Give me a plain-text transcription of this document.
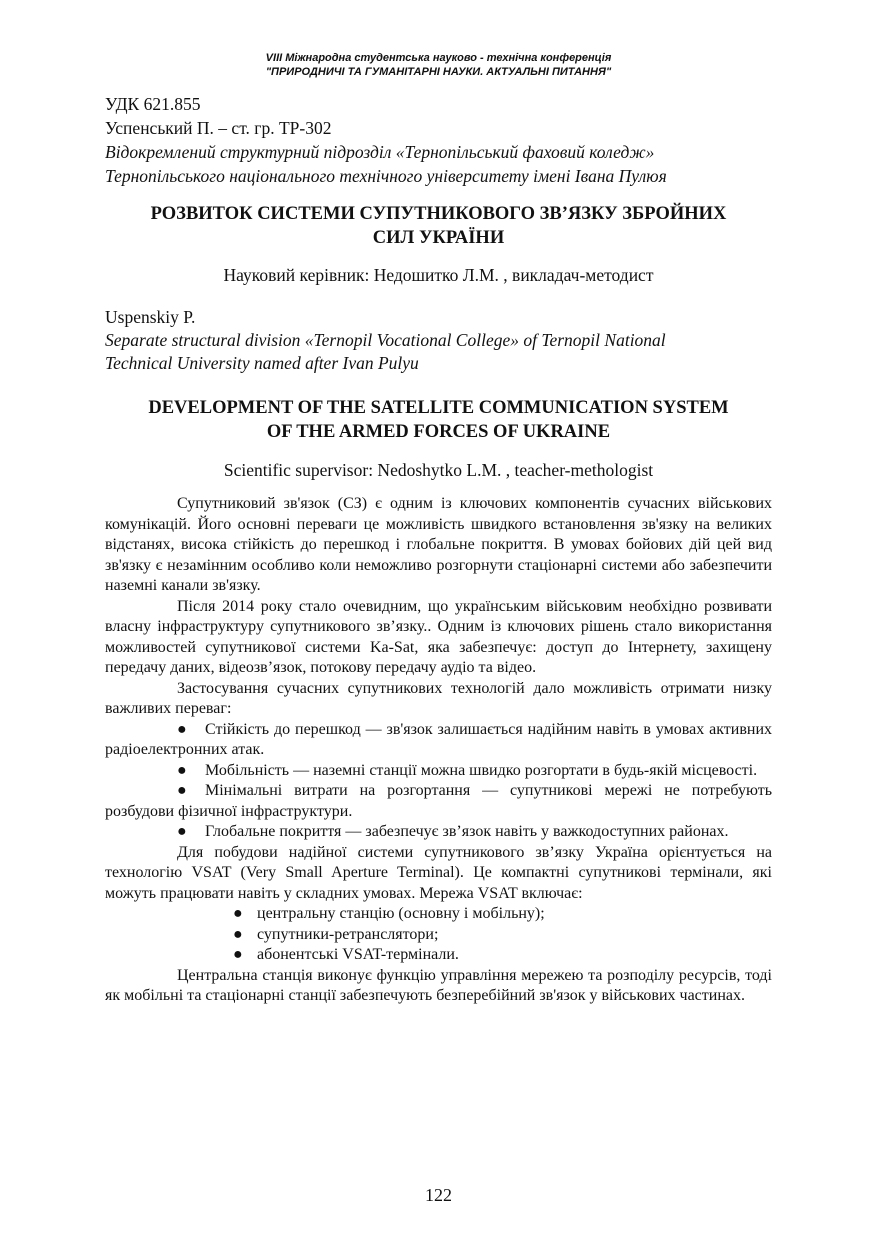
VIII Міжнародна студентська науково - технічна конференція
"ПРИРОДНИЧІ ТА ГУМАНІТАРНІ НАУКИ. АКТУАЛЬНІ ПИТАННЯ"
УДК 621.855
Успенський П. – ст. гр. ТР-302
Відокремлений структурний підрозділ «Тернопільський фаховий коледж»
Тернопільського національного технічного університету імені Івана Пулюя
РОЗВИТОК СИСТЕМИ СУПУТНИКОВОГО ЗВ’ЯЗКУ ЗБРОЙНИХ
СИЛ УКРАЇНИ
Науковий керівник: Недошитко Л.М. , викладач-методист
Uspenskiy P.
Separate structural division «Ternopil Vocational College» of Ternopil National
Technical University named after Ivan Pulyu
DEVELOPMENT OF THE SATELLITE COMMUNICATION SYSTEM
OF THE ARMED FORCES OF UKRAINE
Scientific supervisor: Nedoshytko L.M. , teacher-methologist

Супутниковий зв'язок (СЗ) є одним із ключових компонентів сучасних військових комунікацій. Його основні переваги це можливість швидкого встановлення зв'язку на великих відстанях, висока стійкість до перешкод і глобальне покриття. В умовах бойових дій цей вид зв'язку є незамінним особливо коли неможливо розгорнути стаціонарні системи або забезпечити наземні канали зв'язку.

Після 2014 року стало очевидним, що українським військовим необхідно розвивати власну інфраструктуру супутникового зв’язку.. Одним із ключових рішень стало використання можливостей супутникової системи Ka-Sat, яка забезпечує: доступ до Інтернету, захищену передачу даних, відеозв’язок, потокову передачу аудіо та відео.

Застосування сучасних супутникових технологій дало можливість отримати низку важливих переваг:

● Стійкість до перешкод — зв'язок залишається надійним навіть в умовах активних радіоелектронних атак.
● Мобільність — наземні станції можна швидко розгортати в будь-якій місцевості.
● Мінімальні витрати на розгортання — супутникові мережі не потребують розбудови фізичної інфраструктури.
● Глобальне покриття — забезпечує зв’язок навіть у важкодоступних районах.

Для побудови надійної системи супутникового зв’язку Україна орієнтується на технологію VSAT (Very Small Aperture Terminal). Це компактні супутникові термінали, які можуть працювати навіть у складних умовах. Мережа VSAT включає:

● центральну станцію (основну і мобільну);
● супутники-ретранслятори;
● абонентські VSAT-термінали.

Центральна станція виконує функцію управління мережею та розподілу ресурсів, тоді як мобільні та стаціонарні станції забезпечують безперебійний зв'язок у військових частинах.

122
